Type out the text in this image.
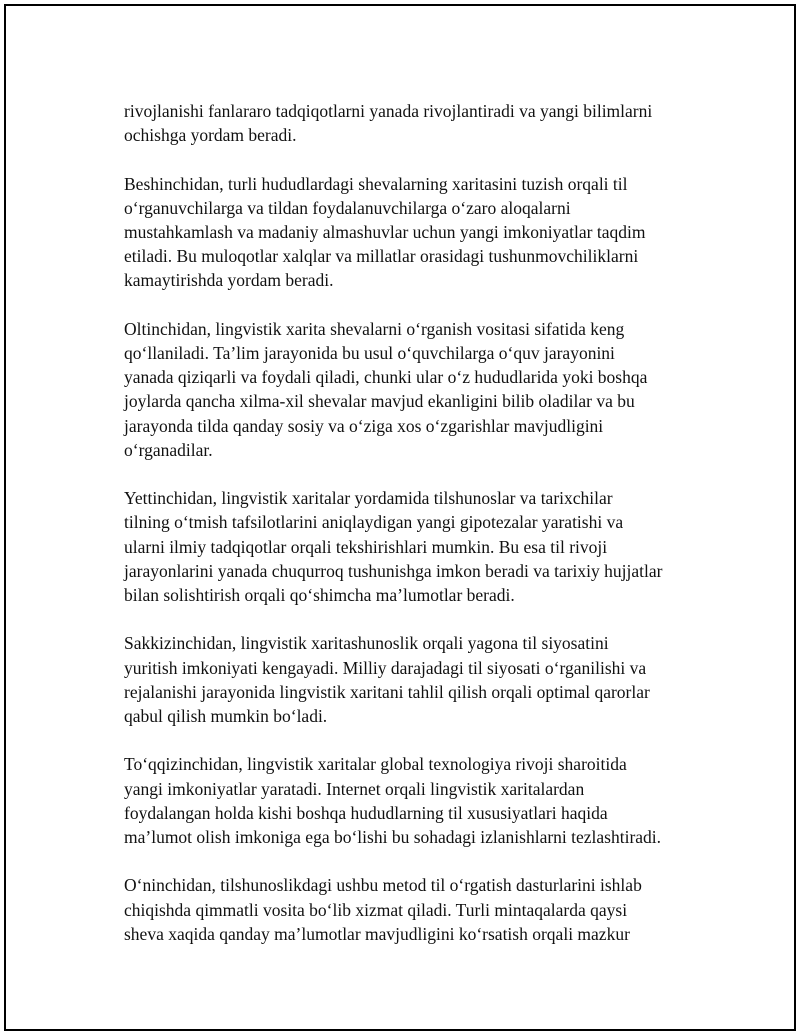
rivojlanishi fanlararo tadqiqotlarni yanada rivojlantiradi va yangi bilimlarni
ochishga yordam beradi.

Beshinchidan, turli hududlardagi shevalarning xaritasini tuzish orqali til
o‘rganuvchilarga va tildan foydalanuvchilarga o‘zaro aloqalarni
mustahkamlash va madaniy almashuvlar uchun yangi imkoniyatlar taqdim
etiladi. Bu muloqotlar xalqlar va millatlar orasidagi tushunmovchiliklarni
kamaytirishda yordam beradi.

Oltinchidan, lingvistik xarita shevalarni o‘rganish vositasi sifatida keng
qo‘llaniladi. Ta’lim jarayonida bu usul o‘quvchilarga o‘quv jarayonini
yanada qiziqarli va foydali qiladi, chunki ular o‘z hududlarida yoki boshqa
joylarda qancha xilma-xil shevalar mavjud ekanligini bilib oladilar va bu
jarayonda tilda qanday sosiy va o‘ziga xos o‘zgarishlar mavjudligini
o‘rganadilar.

Yettinchidan, lingvistik xaritalar yordamida tilshunoslar va tarixchilar
tilning o‘tmish tafsilotlarini aniqlaydigan yangi gipotezalar yaratishi va
ularni ilmiy tadqiqotlar orqali tekshirishlari mumkin. Bu esa til rivoji
jarayonlarini yanada chuqurroq tushunishga imkon beradi va tarixiy hujjatlar
bilan solishtirish orqali qo‘shimcha ma’lumotlar beradi.

Sakkizinchidan, lingvistik xaritashunoslik orqali yagona til siyosatini
yuritish imkoniyati kengayadi. Milliy darajadagi til siyosati o‘rganilishi va
rejalanishi jarayonida lingvistik xaritani tahlil qilish orqali optimal qarorlar
qabul qilish mumkin bo‘ladi.

To‘qqizinchidan, lingvistik xaritalar global texnologiya rivoji sharoitida
yangi imkoniyatlar yaratadi. Internet orqali lingvistik xaritalardan
foydalangan holda kishi boshqa hududlarning til xususiyatlari haqida
ma’lumot olish imkoniga ega bo‘lishi bu sohadagi izlanishlarni tezlashtiradi.

O‘ninchidan, tilshunoslikdagi ushbu metod til o‘rgatish dasturlarini ishlab
chiqishda qimmatli vosita bo‘lib xizmat qiladi. Turli mintaqalarda qaysi
sheva xaqida qanday ma’lumotlar mavjudligini ko‘rsatish orqali mazkur
